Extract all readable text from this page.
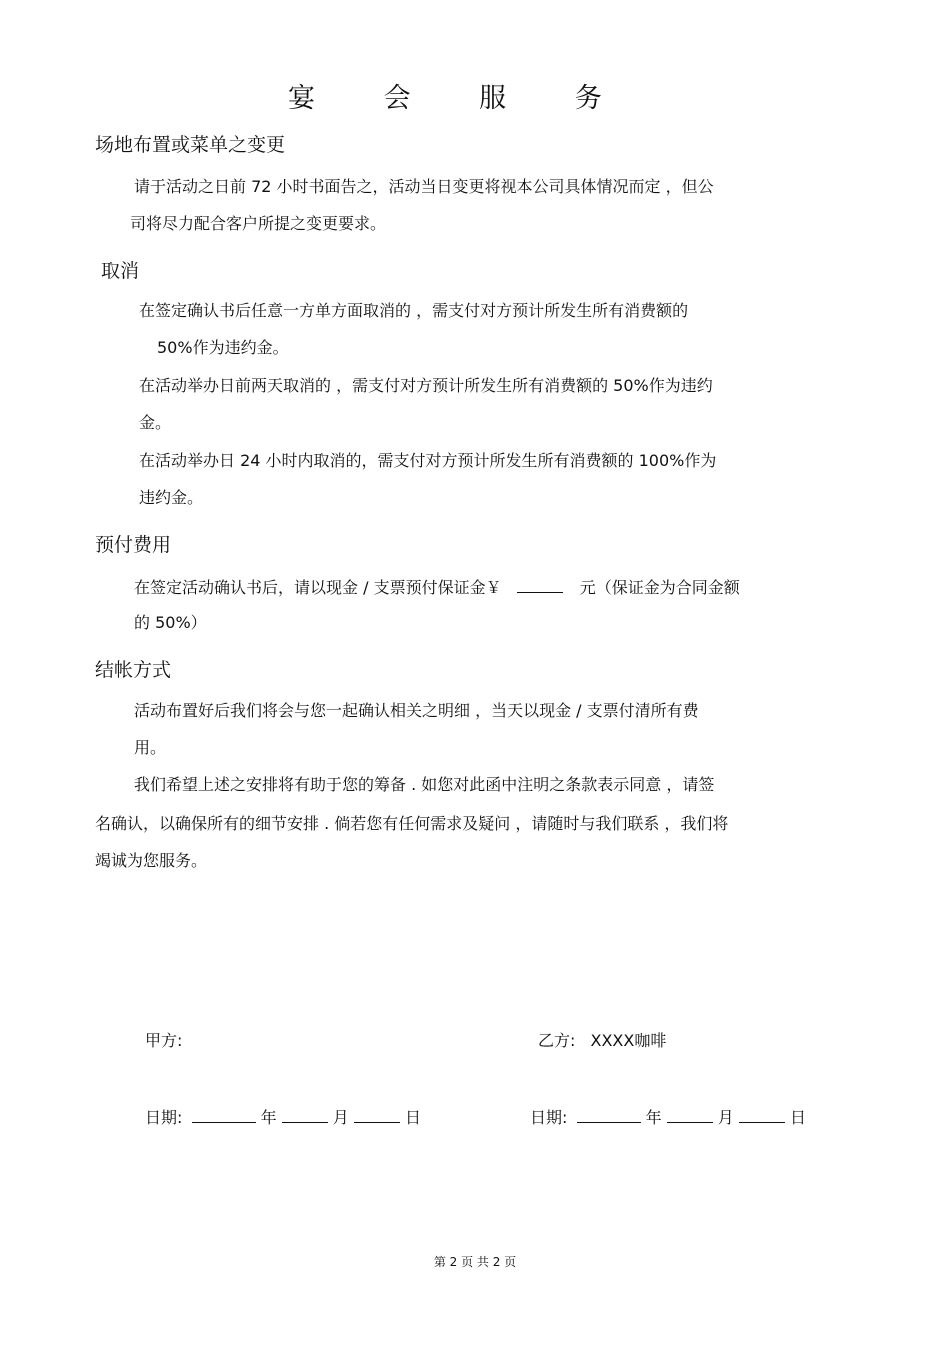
宴 会 服 务
场地布置或菜单之变更
请于活动之日前 72 小时书面告之，活动当日变更将视本公司具体情况而定 ，但公
司将尽力配合客户所提之变更要求。
取消
在签定确认书后任意一方单方面取消的 ，需支付对方预计所发生所有消费额的
50%作为违约金。
在活动举办日前两天取消的 ，需支付对方预计所发生所有消费额的 50%作为违约
金。
在活动举办日 24 小时内取消的，需支付对方预计所发生所有消费额的 100%作为
违约金。
预付费用
在签定活动确认书后，请以现金 / 支票预付保证金￥	元（保证金为合同金额
的 50%）
结帐方式
活动布置好后我们将会与您一起确认相关之明细 ，当天以现金 / 支票付清所有费
用。
我们希望上述之安排将有助于您的筹备 . 如您对此函中注明之条款表示同意 ，请签
名确认，以确保所有的细节安排 . 倘若您有任何需求及疑问 ，请随时与我们联系 ，我们将
竭诚为您服务。
甲方:	乙方: XXXX咖啡
日期:	年	月	日	日期:	年	月	日
第 2 页 共 2 页
